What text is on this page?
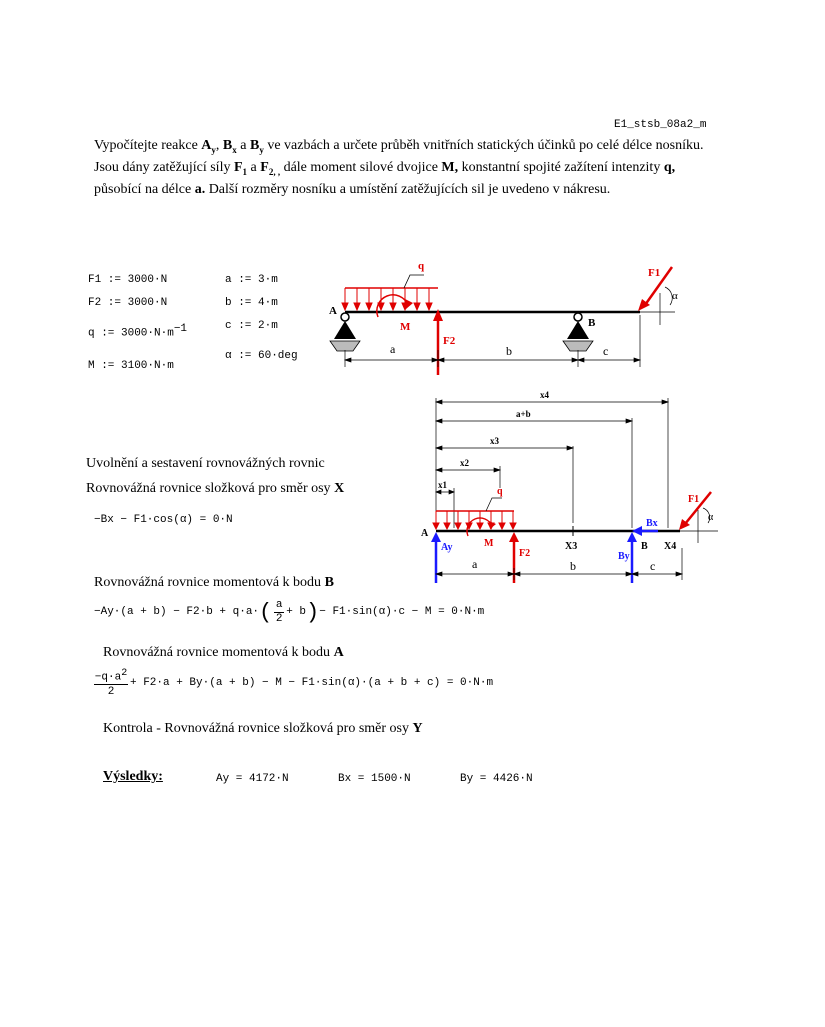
E1_stsb_08a2_m

Vypočítejte reakce $A_y$, $B_x$ a $B_y$ ve vazbách a určete průběh vnitřních statických účinků po celé délce nosníku.

Jsou dány zatěžující síly $F_1$ a $F_{2, ,}$ dále moment silové dvojice M, konstantní spojité zažítení intenzity q, působící na délce a. Další rozměry nosníku a umístění zatěžujících sil je uvedeno v nákresu.

F1 := 3000·N
F2 := 3000·N
q := $3000\cdot N\cdot m^{-1}$
M := 3100·N·m
a := 3·m
b := 4·m
c := 2·m
α := 60·deg
q
M
A
B
F2
F1
α
a	b	c
x4
a+b
x3
x2
x1
q
M
A
Ay
F2
X3
By
B
Bx
X4
F1
α
a	b	c
Uvolnění a sestavení rovnovážných rovnic
Rovnovážná rovnice složková pro směr osy X
−Bx − F1·cos(α) = 0·N
Rovnovážná rovnice momentová k bodu B
−Ay·(a + b) − F2·b + q·a· ( a
2
+ b ) − F1·sin(α)·c − M = 0·N·m
Rovnovážná rovnice momentová k bodu A
$-q\cdot a^2$
2
+ F2·a + By·(a + b) − M − F1·sin(α)·(a + b + c) = 0·N·m
Kontrola - Rovnovážná rovnice složková pro směr osy Y
Výsledky:	Ay = 4172·N	Bx = 1500·N	By = 4426·N
